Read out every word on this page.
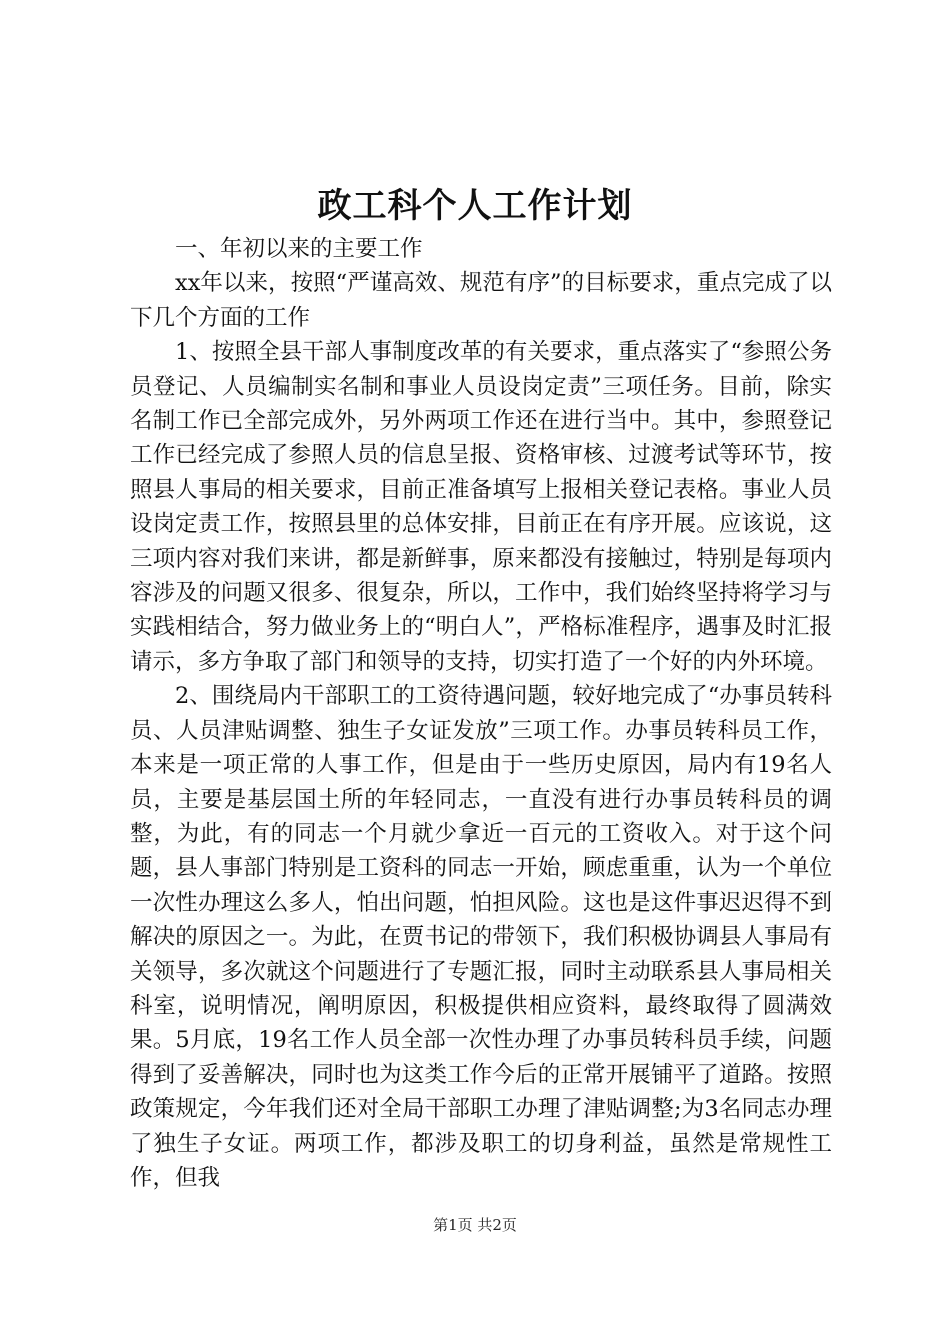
政工科个人工作计划

一、年初以来的主要工作

xx年以来，按照“严谨高效、规范有序”的目标要求，重点完成了以下几个方面的工作

1、按照全县干部人事制度改革的有关要求，重点落实了“参照公务员登记、人员编制实名制和事业人员设岗定责”三项任务。目前，除实名制工作已全部完成外，另外两项工作还在进行当中。其中，参照登记工作已经完成了参照人员的信息呈报、资格审核、过渡考试等环节，按照县人事局的相关要求，目前正准备填写上报相关登记表格。事业人员设岗定责工作，按照县里的总体安排，目前正在有序开展。应该说，这三项内容对我们来讲，都是新鲜事，原来都没有接触过，特别是每项内容涉及的问题又很多、很复杂，所以，工作中，我们始终坚持将学习与实践相结合，努力做业务上的“明白人”，严格标准程序，遇事及时汇报请示，多方争取了部门和领导的支持，切实打造了一个好的内外环境。

2、围绕局内干部职工的工资待遇问题，较好地完成了“办事员转科员、人员津贴调整、独生子女证发放”三项工作。办事员转科员工作，本来是一项正常的人事工作，但是由于一些历史原因，局内有19名人员，主要是基层国土所的年轻同志，一直没有进行办事员转科员的调整，为此，有的同志一个月就少拿近一百元的工资收入。对于这个问题，县人事部门特别是工资科的同志一开始，顾虑重重，认为一个单位一次性办理这么多人，怕出问题，怕担风险。这也是这件事迟迟得不到解决的原因之一。为此，在贾书记的带领下，我们积极协调县人事局有关领导，多次就这个问题进行了专题汇报，同时主动联系县人事局相关科室，说明情况，阐明原因，积极提供相应资料，最终取得了圆满效果。5月底，19名工作人员全部一次性办理了办事员转科员手续，问题得到了妥善解决，同时也为这类工作今后的正常开展铺平了道路。按照政策规定，今年我们还对全局干部职工办理了津贴调整;为3名同志办理了独生子女证。两项工作，都涉及职工的切身利益，虽然是常规性工作，但我

第1页 共2页
